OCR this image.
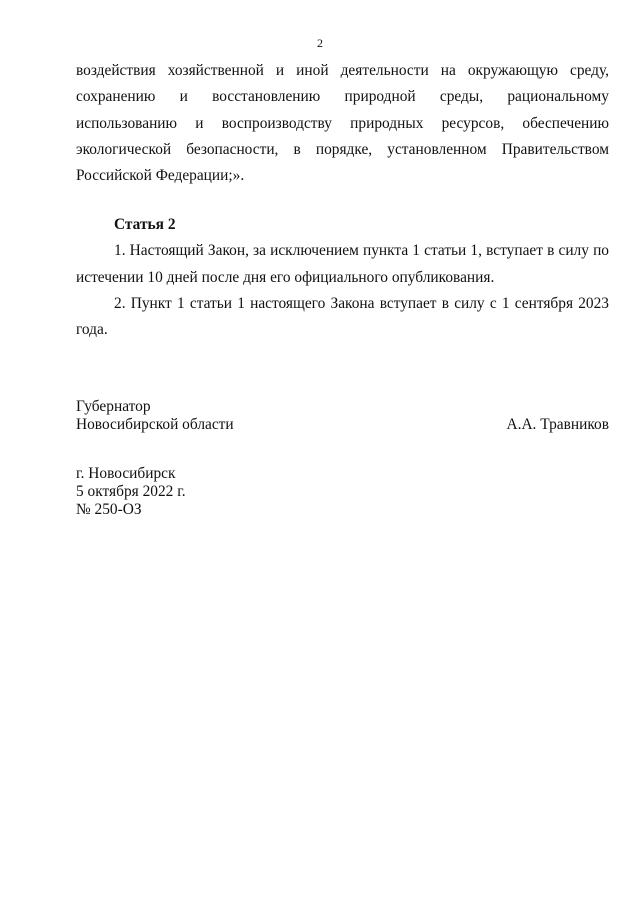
2
воздействия хозяйственной и иной деятельности на окружающую среду, сохранению и восстановлению природной среды, рациональному использованию и воспроизводству природных ресурсов, обеспечению экологической безопасности, в порядке, установленном Правительством Российской Федерации;».
Статья 2

1. Настоящий Закон, за исключением пункта 1 статьи 1, вступает в силу по истечении 10 дней после дня его официального опубликования.

2. Пункт 1 статьи 1 настоящего Закона вступает в силу с 1 сентября 2023 года.

Губернатор
Новосибирской области	А.А. Травников
г. Новосибирск
5 октября 2022 г.
№ 250-ОЗ
